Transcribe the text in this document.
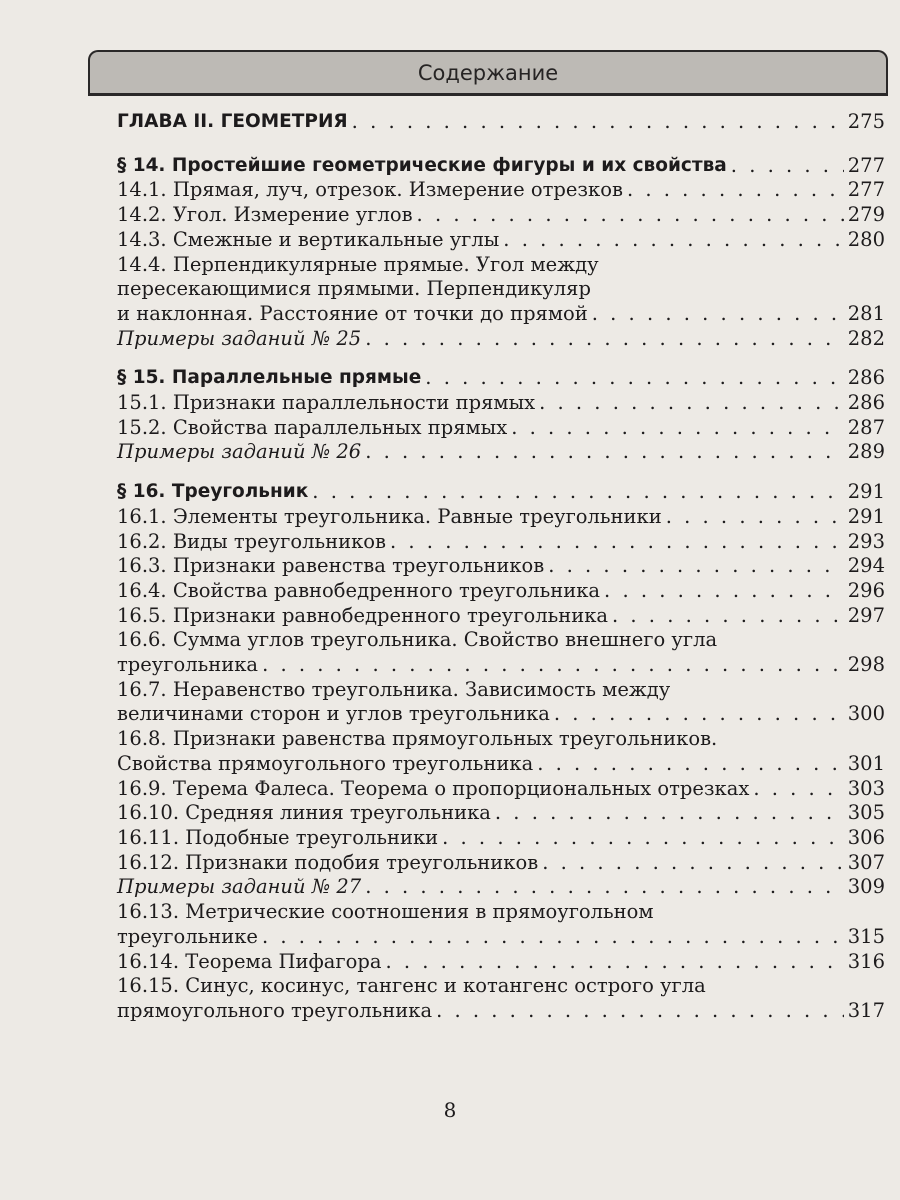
Содержание
ГЛАВА II. ГЕОМЕТРИЯ . . .	275
§ 14. Простейшие геометрические фигуры и их свойства . . .	277
14.1. Прямая, луч, отрезок. Измерение отрезков . . .	277
14.2. Угол. Измерение углов . . .	279
14.3. Смежные и вертикальные углы . . .	280
14.4. Перпендикулярные прямые. Угол между
пересекающимися прямыми. Перпендикуляр
и наклонная. Расстояние от точки до прямой . . .	281
Примеры заданий № 25 . . .	282
§ 15. Параллельные прямые . . .	286
15.1. Признаки параллельности прямых . . .	286
15.2. Свойства параллельных прямых . . .	287
Примеры заданий № 26 . . .	289
§ 16. Треугольник . . .	291
16.1. Элементы треугольника. Равные треугольники . . .	291
16.2. Виды треугольников . . .	293
16.3. Признаки равенства треугольников . . .	294
16.4. Свойства равнобедренного треугольника . . .	296
16.5. Признаки равнобедренного треугольника . . .	297
16.6. Сумма углов треугольника. Свойство внешнего угла
треугольника . . .	298
16.7. Неравенство треугольника. Зависимость между
величинами сторон и углов треугольника . . .	300
16.8. Признаки равенства прямоугольных треугольников.
Свойства прямоугольного треугольника . . .	301
16.9. Терема Фалеса. Теорема о пропорциональных отрезках . . .	303
16.10. Средняя линия треугольника . . .	305
16.11. Подобные треугольники . . .	306
16.12. Признаки подобия треугольников . . .	307
Примеры заданий № 27 . . .	309
16.13. Метрические соотношения в прямоугольном
треугольнике . . .	315
16.14. Теорема Пифагора . . .	316
16.15. Синус, косинус, тангенс и котангенс острого угла
прямоугольного треугольника . . .	317
8
